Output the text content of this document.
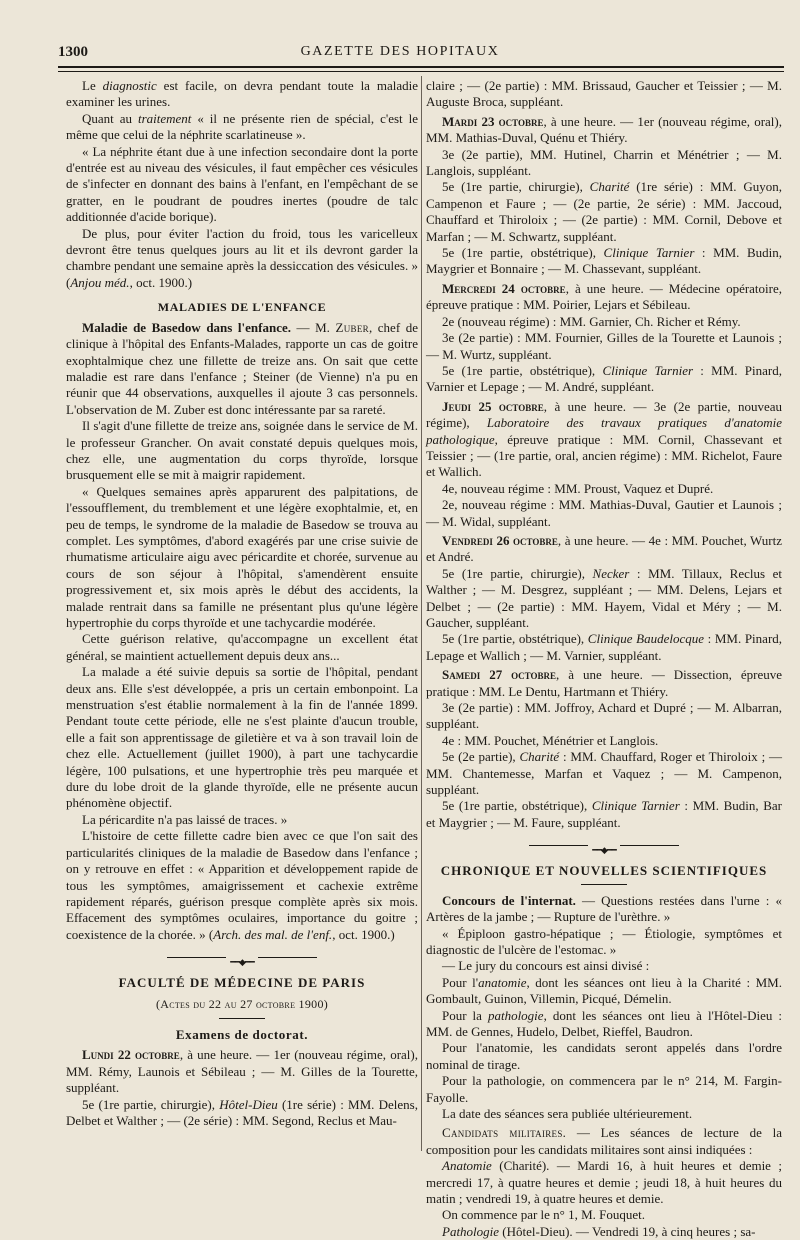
1300	GAZETTE DES HOPITAUX

Le diagnostic est facile, on devra pendant toute la maladie examiner les urines.

Quant au traitement « il ne présente rien de spécial, c'est le même que celui de la néphrite scarlatineuse ».

« La néphrite étant due à une infection secondaire dont la porte d'entrée est au niveau des vésicules, il faut empêcher ces vésicules de s'infecter en donnant des bains à l'enfant, en l'empêchant de se gratter, en le poudrant de poudres inertes (poudre de talc additionnée d'acide borique).

De plus, pour éviter l'action du froid, tous les varicelleux devront être tenus quelques jours au lit et ils devront garder la chambre pendant une semaine après la dessiccation des vésicules. » (Anjou méd., oct. 1900.)

MALADIES DE L'ENFANCE

Maladie de Basedow dans l'enfance. — M. Zuber, chef de clinique à l'hôpital des Enfants-Malades, rapporte un cas de goitre exophtalmique chez une fillette de treize ans. On sait que cette maladie est rare dans l'enfance ; Steiner (de Vienne) n'a pu en réunir que 44 observations, auxquelles il ajoute 3 cas personnels. L'observation de M. Zuber est donc intéressante par sa rareté.

Il s'agit d'une fillette de treize ans, soignée dans le service de M. le professeur Grancher. On avait constaté depuis quelques mois, chez elle, une augmentation du corps thyroïde, lorsque brusquement elle se mit à maigrir rapidement.

« Quelques semaines après apparurent des palpitations, de l'essoufflement, du tremblement et une légère exophtalmie, et, en peu de temps, le syndrome de la maladie de Basedow se trouva au complet. Les symptômes, d'abord exagérés par une crise suivie de rhumatisme articulaire aigu avec péricardite et chorée, survenue au cours de son séjour à l'hôpital, s'amendèrent ensuite progressivement et, six mois après le début des accidents, la malade rentrait dans sa famille ne présentant plus qu'une légère hypertrophie du corps thyroïde et une tachycardie modérée.

Cette guérison relative, qu'accompagne un excellent état général, se maintient actuellement depuis deux ans...

La malade a été suivie depuis sa sortie de l'hôpital, pendant deux ans. Elle s'est développée, a pris un certain embonpoint. La menstruation s'est établie normalement à la fin de l'année 1899. Pendant toute cette période, elle ne s'est plainte d'aucun trouble, elle a fait son apprentissage de giletière et va à son travail loin de chez elle. Actuellement (juillet 1900), à part une tachycardie légère, 100 pulsations, et une hypertrophie très peu marquée et dure du lobe droit de la glande thyroïde, elle ne présente aucun phénomène objectif.

La péricardite n'a pas laissé de traces. »

L'histoire de cette fillette cadre bien avec ce que l'on sait des particularités cliniques de la maladie de Basedow dans l'enfance ; on y retrouve en effet : « Apparition et développement rapide de tous les symptômes, amaigrissement et cachexie extrême rapidement réparés, guérison presque complète après six mois. Effacement des symptômes oculaires, importance du goitre ; coexistence de la chorée. » (Arch. des mal. de l'enf., oct. 1900.)

━━◆━━
FACULTÉ DE MÉDECINE DE PARIS
(Actes du 22 au 27 octobre 1900)
Examens de doctorat.

Lundi 22 octobre, à une heure. — 1er (nouveau régime, oral), MM. Rémy, Launois et Sébileau ; — M. Gilles de la Tourette, suppléant.

5e (1re partie, chirurgie), Hôtel-Dieu (1re série) : MM. Delens, Delbet et Walther ; — (2e série) : MM. Segond, Reclus et Mau-

claire ; — (2e partie) : MM. Brissaud, Gaucher et Teissier ; — M. Auguste Broca, suppléant.

Mardi 23 octobre, à une heure. — 1er (nouveau régime, oral), MM. Mathias-Duval, Quénu et Thiéry.

3e (2e partie), MM. Hutinel, Charrin et Ménétrier ; — M. Langlois, suppléant.

5e (1re partie, chirurgie), Charité (1re série) : MM. Guyon, Campenon et Faure ; — (2e partie, 2e série) : MM. Jaccoud, Chauffard et Thiroloix ; — (2e partie) : MM. Cornil, Debove et Marfan ; — M. Schwartz, suppléant.

5e (1re partie, obstétrique), Clinique Tarnier : MM. Budin, Maygrier et Bonnaire ; — M. Chassevant, suppléant.

Mercredi 24 octobre, à une heure. — Médecine opératoire, épreuve pratique : MM. Poirier, Lejars et Sébileau.

2e (nouveau régime) : MM. Garnier, Ch. Richer et Rémy.

3e (2e partie) : MM. Fournier, Gilles de la Tourette et Launois ; — M. Wurtz, suppléant.

5e (1re partie, obstétrique), Clinique Tarnier : MM. Pinard, Varnier et Lepage ; — M. André, suppléant.

Jeudi 25 octobre, à une heure. — 3e (2e partie, nouveau régime), Laboratoire des travaux pratiques d'anatomie pathologique, épreuve pratique : MM. Cornil, Chassevant et Teissier ; — (1re partie, oral, ancien régime) : MM. Richelot, Faure et Wallich.

4e, nouveau régime : MM. Proust, Vaquez et Dupré.

2e, nouveau régime : MM. Mathias-Duval, Gautier et Launois ; — M. Widal, suppléant.

Vendredi 26 octobre, à une heure. — 4e : MM. Pouchet, Wurtz et André.

5e (1re partie, chirurgie), Necker : MM. Tillaux, Reclus et Walther ; — M. Desgrez, suppléant ; — MM. Delens, Lejars et Delbet ; — (2e partie) : MM. Hayem, Vidal et Méry ; — M. Gaucher, suppléant.

5e (1re partie, obstétrique), Clinique Baudelocque : MM. Pinard, Lepage et Wallich ; — M. Varnier, suppléant.

Samedi 27 octobre, à une heure. — Dissection, épreuve pratique : MM. Le Dentu, Hartmann et Thiéry.

3e (2e partie) : MM. Joffroy, Achard et Dupré ; — M. Albarran, suppléant.

4e : MM. Pouchet, Ménétrier et Langlois.

5e (2e partie), Charité : MM. Chauffard, Roger et Thiroloix ; — MM. Chantemesse, Marfan et Vaquez ; — M. Campenon, suppléant.

5e (1re partie, obstétrique), Clinique Tarnier : MM. Budin, Bar et Maygrier ; — M. Faure, suppléant.

━━◆━━
CHRONIQUE ET NOUVELLES SCIENTIFIQUES

Concours de l'internat. — Questions restées dans l'urne : « Artères de la jambe ; — Rupture de l'urèthre. »

« Épiploon gastro-hépatique ; — Étiologie, symptômes et diagnostic de l'ulcère de l'estomac. »

— Le jury du concours est ainsi divisé :

Pour l'anatomie, dont les séances ont lieu à la Charité : MM. Gombault, Guinon, Villemin, Picqué, Démelin.

Pour la pathologie, dont les séances ont lieu à l'Hôtel-Dieu : MM. de Gennes, Hudelo, Delbet, Rieffel, Baudron.

Pour l'anatomie, les candidats seront appelés dans l'ordre nominal de tirage.

Pour la pathologie, on commencera par le n° 214, M. Fargin-Fayolle.

La date des séances sera publiée ultérieurement.

Candidats militaires. — Les séances de lecture de la composition pour les candidats militaires sont ainsi indiquées :

Anatomie (Charité). — Mardi 16, à huit heures et demie ; mercredi 17, à quatre heures et demie ; jeudi 18, à huit heures du matin ; vendredi 19, à quatre heures et demie.

On commence par le n° 1, M. Fouquet.

Pathologie (Hôtel-Dieu). — Vendredi 19, à cinq heures ; sa-
